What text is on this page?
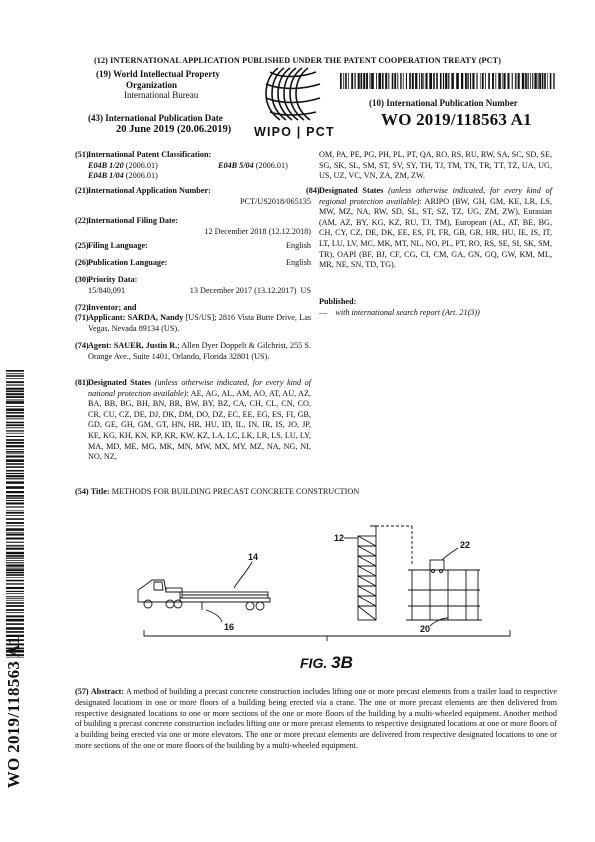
(12) INTERNATIONAL APPLICATION PUBLISHED UNDER THE PATENT COOPERATION TREATY (PCT)
(19) World Intellectual Property
Organization
International Bureau
(43) International Publication Date
20 June 2019 (20.06.2019) WIPO | PCT
(10) International Publication Number
WO 2019/118563 A1
(51) International Patent Classification:
E04B 1/20 (2006.01)	E04B 5/04 (2006.01)
E04B 1/04 (2006.01)
(21) International Application Number:
PCT/US2018/065135
(22) International Filing Date:
12 December 2018 (12.12.2018)
(25) Filing Language:	English
(26) Publication Language:	English
(30) Priority Data:
15/840,091	13 December 2017 (13.12.2017) US
(72) Inventor; and
(71) Applicant: SARDA, Nandy [US/US]; 2816 Vista Butte Drive, Las Vegas, Nevada 89134 (US).
(74) Agent: SAUER, Justin R.; Allen Dyer Doppelt & Gilchrist, 255 S. Orange Ave., Suite 1401, Orlando, Florida 32801 (US).
(81) Designated States (unless otherwise indicated, for every kind of national protection available): AE, AG, AL, AM, AO, AT, AU, AZ, BA, BB, BG, BH, BN, BR, BW, BY, BZ, CA, CH, CL, CN, CO, CR, CU, CZ, DE, DJ, DK, DM, DO, DZ, EC, EE, EG, ES, FI, GB, GD, GE, GH, GM, GT, HN, HR, HU, ID, IL, IN, IR, IS, JO, JP, KE, KG, KH, KN, KP, KR, KW, KZ, LA, LC, LK, LR, LS, LU, LY, MA, MD, ME, MG, MK, MN, MW, MX, MY, MZ, NA, NG, NI, NO, NZ,
OM, PA, PE, PG, PH, PL, PT, QA, RO, RS, RU, RW, SA, SC, SD, SE, SG, SK, SL, SM, ST, SV, SY, TH, TJ, TM, TN, TR, TT, TZ, UA, UG, US, UZ, VC, VN, ZA, ZM, ZW.
(84) Designated States (unless otherwise indicated, for every kind of regional protection available): ARIPO (BW, GH, GM, KE, LR, LS, MW, MZ, NA, RW, SD, SL, ST, SZ, TZ, UG, ZM, ZW), Eurasian (AM, AZ, BY, KG, KZ, RU, TJ, TM), European (AL, AT, BE, BG, CH, CY, CZ, DE, DK, EE, ES, FI, FR, GB, GR, HR, HU, IE, IS, IT, LT, LU, LV, MC, MK, MT, NL, NO, PL, PT, RO, RS, SE, SI, SK, SM, TR), OAPI (BF, BJ, CF, CG, CI, CM, GA, GN, GQ, GW, KM, ML, MR, NE, SN, TD, TG).
Published:
— with international search report (Art. 21(3))
WO 2019/118563 A1
(54) Title: METHODS FOR BUILDING PRECAST CONCRETE CONSTRUCTION
12
14
16	20
22
FIG. 3B
(57) Abstract: A method of building a precast concrete construction includes lifting one or more precast elements from a trailer load to respective designated locations in one or more floors of a building being erected via a crane. The one or more precast elements are then delivered from respective designated locations to one or more sections of the one or more floors of the building by a multi-wheeled equipment. Another method of building a precast concrete construction includes lifting one or more precast elements to respective designated locations at one or more floors of a building being erected via one or more elevators. The one or more precast elements are delivered from respective designated locations to one or more sections of the one or more floors of the building by a multi-wheeled equipment.
